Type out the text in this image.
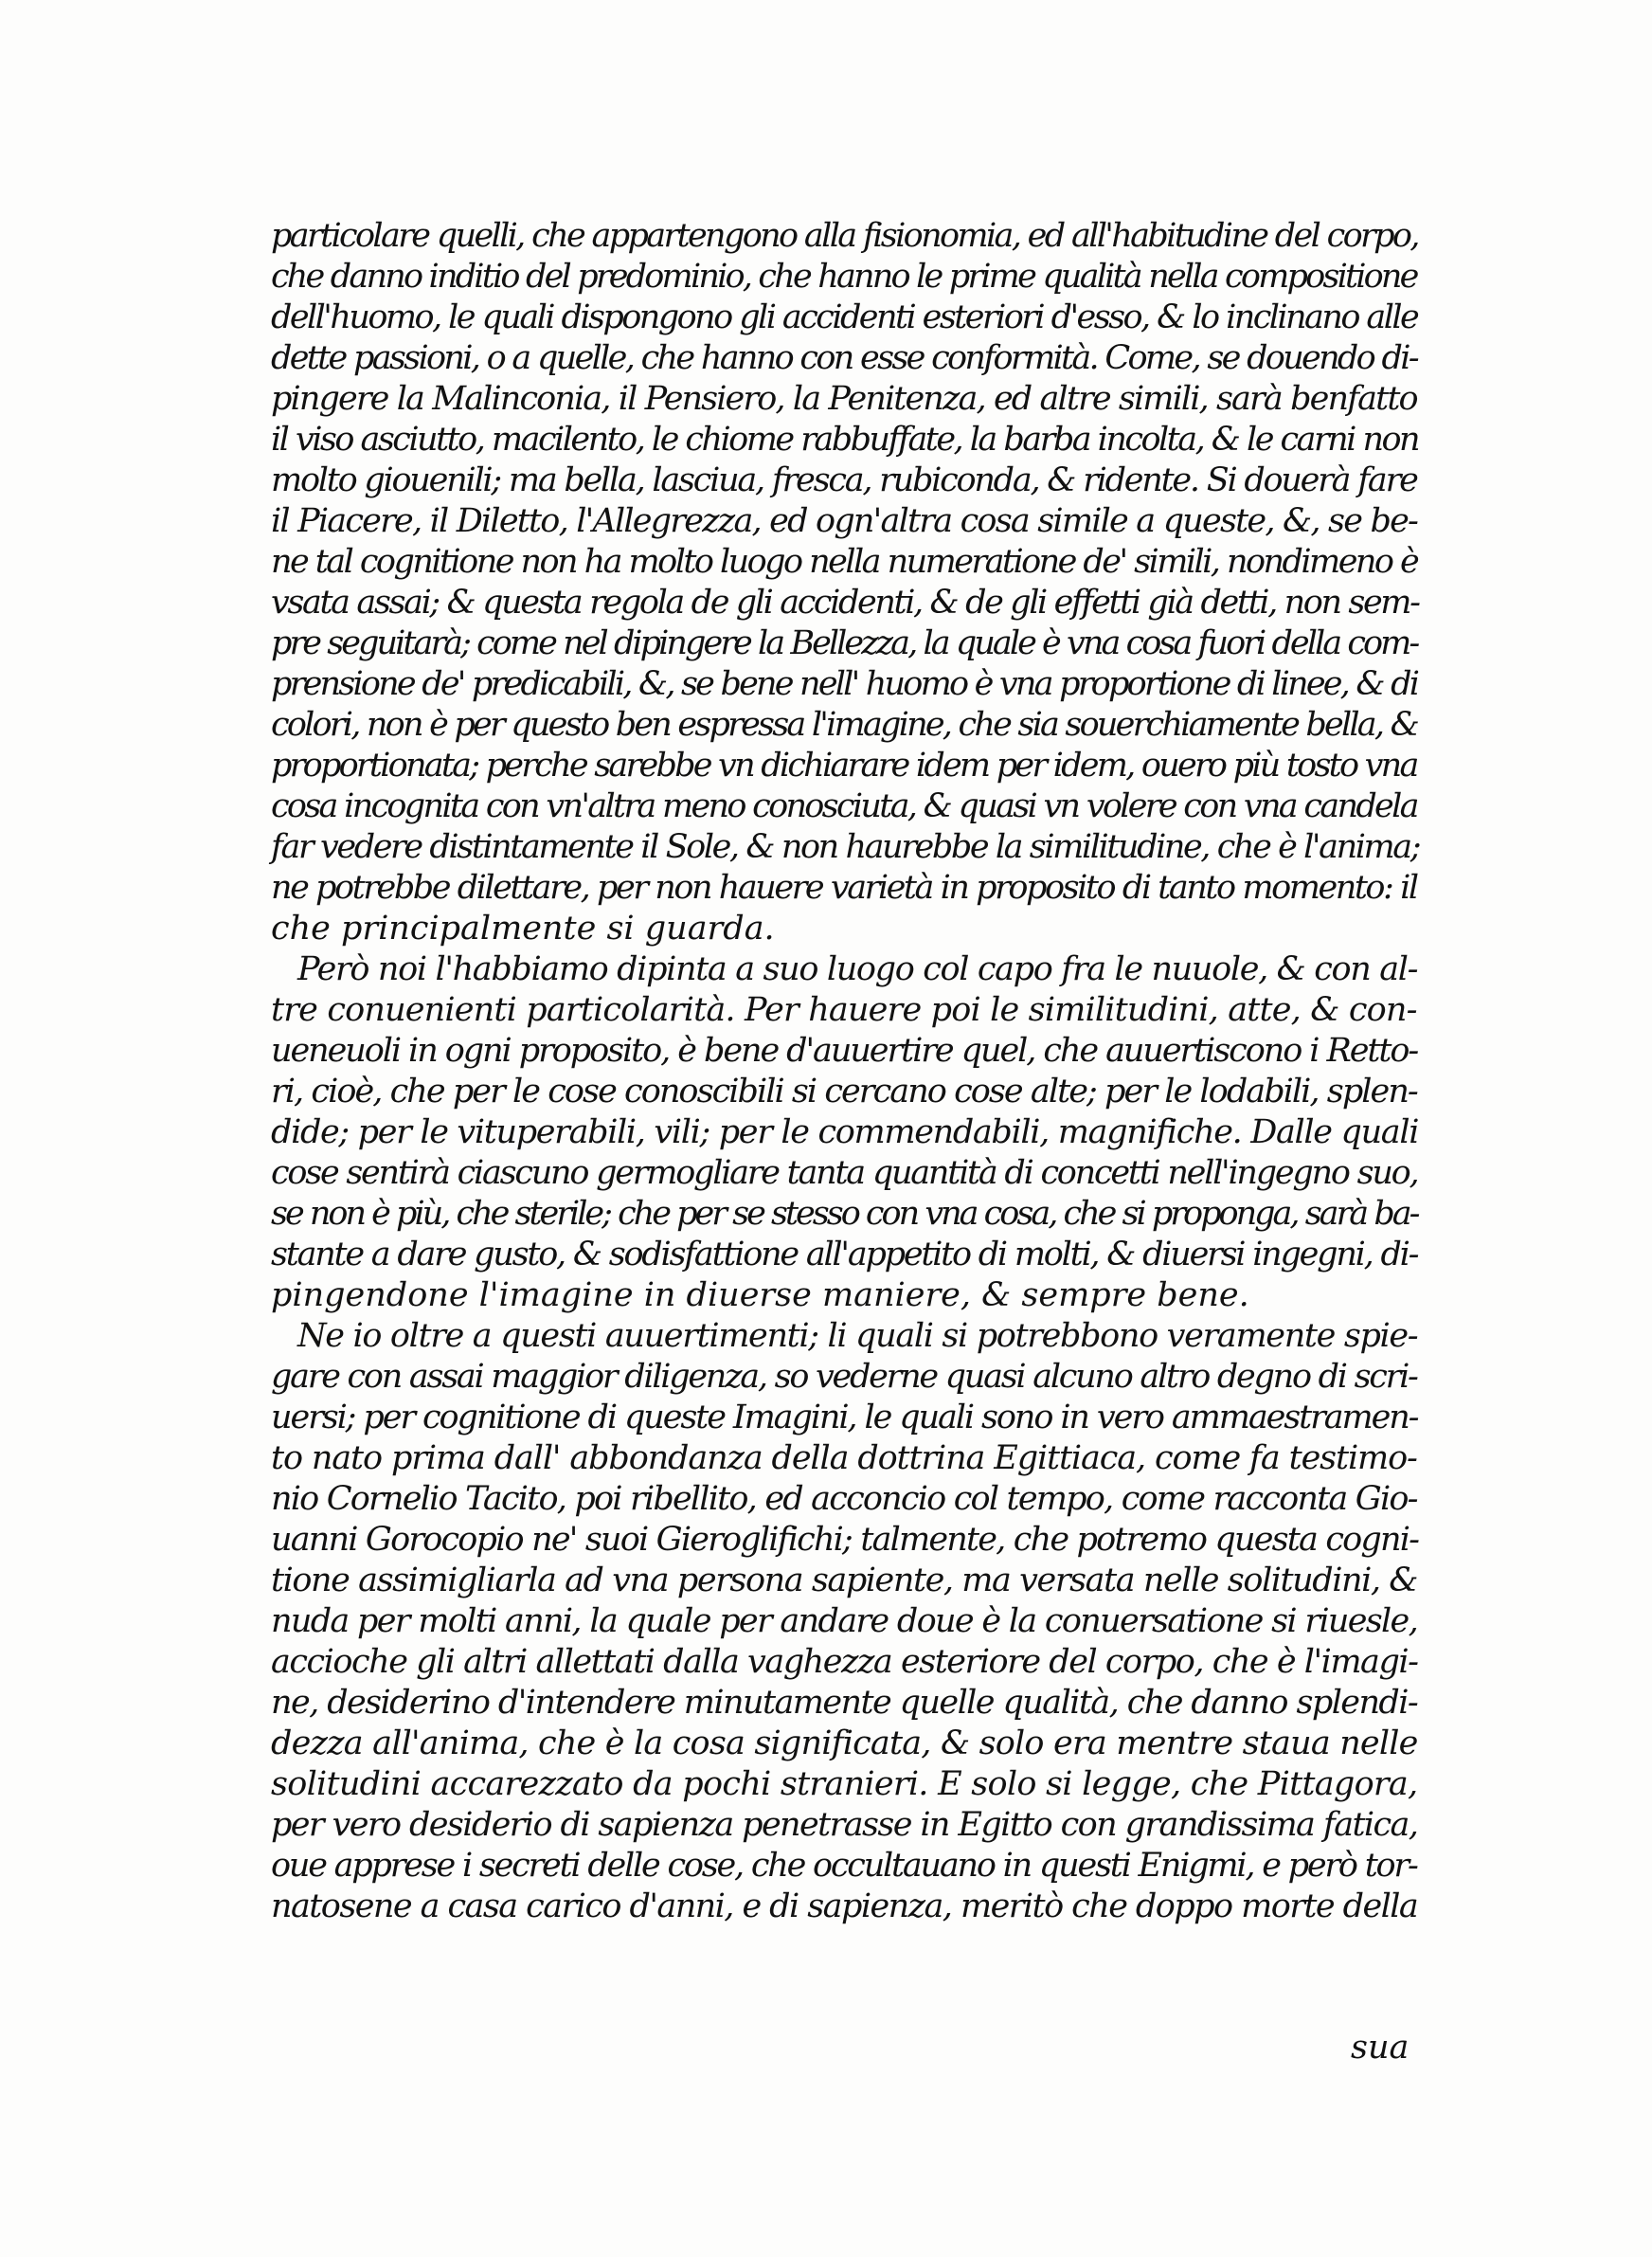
particolare quelli, che appartengono alla fisionomia, ed all'habitudine del corpo,
che danno inditio del predominio, che hanno le prime qualità nella compositione
dell'huomo, le quali dispongono gli accidenti esteriori d'esso, & lo inclinano alle
dette passioni, o a quelle, che hanno con esse conformità. Come, se douendo di-
pingere la Malinconia, il Pensiero, la Penitenza, ed altre simili, sarà benfatto
il viso asciutto, macilento, le chiome rabbuffate, la barba incolta, & le carni non
molto giouenili; ma bella, lasciua, fresca, rubiconda, & ridente. Si douerà fare
il Piacere, il Diletto, l'Allegrezza, ed ogn'altra cosa simile a queste, &, se be-
ne tal cognitione non ha molto luogo nella numeratione de' simili, nondimeno è
vsata assai; & questa regola de gli accidenti, & de gli effetti già detti, non sem-
pre seguitarà; come nel dipingere la Bellezza, la quale è vna cosa fuori della com-
prensione de' predicabili, &, se bene nell' huomo è vna proportione di linee, & di
colori, non è per questo ben espressa l'imagine, che sia souerchiamente bella, &
proportionata; perche sarebbe vn dichiarare idem per idem, ouero più tosto vna
cosa incognita con vn'altra meno conosciuta, & quasi vn volere con vna candela
far vedere distintamente il Sole, & non haurebbe la similitudine, che è l'anima;
ne potrebbe dilettare, per non hauere varietà in proposito di tanto momento: il
che principalmente si guarda.
Però noi l'habbiamo dipinta a suo luogo col capo fra le nuuole, & con al-
tre conuenienti particolarità. Per hauere poi le similitudini, atte, & con-
ueneuoli in ogni proposito, è bene d'auuertire quel, che auuertiscono i Retto-
ri, cioè, che per le cose conoscibili si cercano cose alte; per le lodabili, splen-
dide; per le vituperabili, vili; per le commendabili, magnifiche. Dalle quali
cose sentirà ciascuno germogliare tanta quantità di concetti nell'ingegno suo,
se non è più, che sterile; che per se stesso con vna cosa, che si proponga, sarà ba-
stante a dare gusto, & sodisfattione all'appetito di molti, & diuersi ingegni, di-
pingendone l'imagine in diuerse maniere, & sempre bene.
Ne io oltre a questi auuertimenti; li quali si potrebbono veramente spie-
gare con assai maggior diligenza, so vederne quasi alcuno altro degno di scri-
uersi; per cognitione di queste Imagini, le quali sono in vero ammaestramen-
to nato prima dall' abbondanza della dottrina Egittiaca, come fa testimo-
nio Cornelio Tacito, poi ribellito, ed acconcio col tempo, come racconta Gio-
uanni Gorocopio ne' suoi Gieroglifichi; talmente, che potremo questa cogni-
tione assimigliarla ad vna persona sapiente, ma versata nelle solitudini, &
nuda per molti anni, la quale per andare doue è la conuersatione si riuesle,
accioche gli altri allettati dalla vaghezza esteriore del corpo, che è l'imagi-
ne, desiderino d'intendere minutamente quelle qualità, che danno splendi-
dezza all'anima, che è la cosa significata, & solo era mentre staua nelle
solitudini accarezzato da pochi stranieri. E solo si legge, che Pittagora,
per vero desiderio di sapienza penetrasse in Egitto con grandissima fatica,
oue apprese i secreti delle cose, che occultauano in questi Enigmi, e però tor-
natosene a casa carico d'anni, e di sapienza, meritò che doppo morte della
sua
